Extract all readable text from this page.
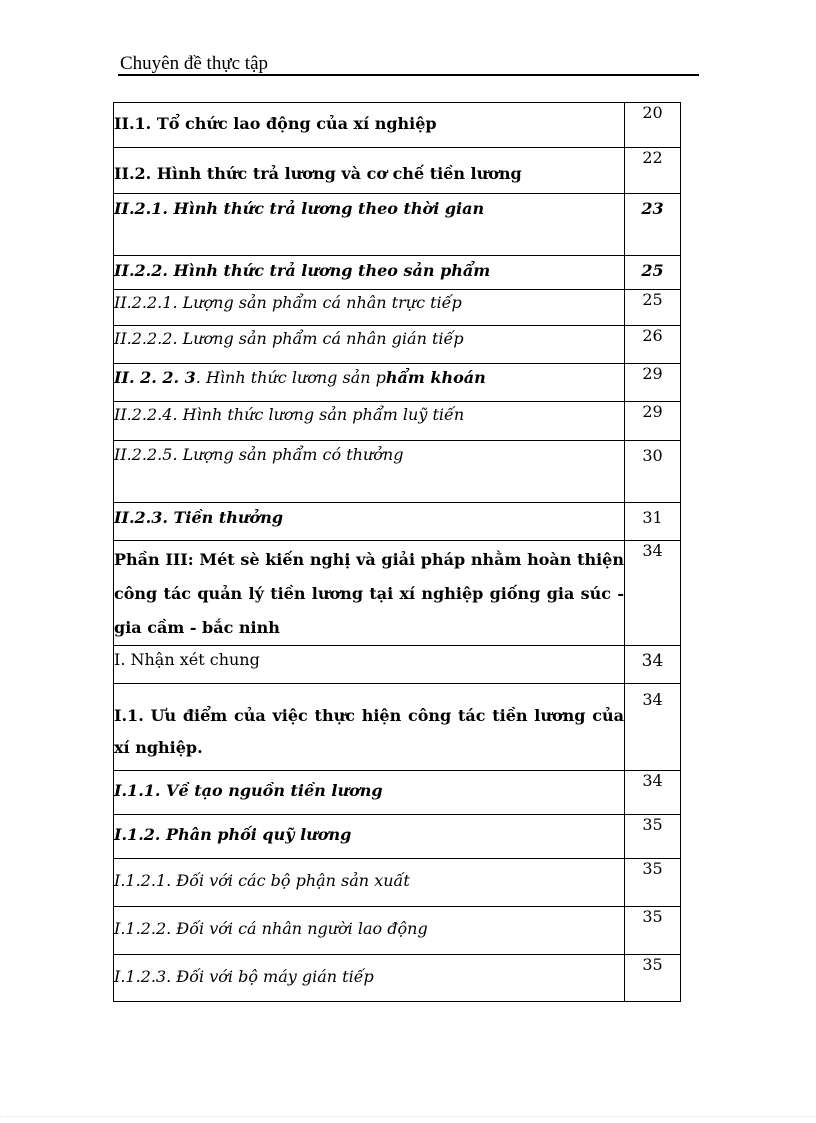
Chuyên đề thực tập
II.1. Tổ chức lao động của xí nghiệp	20
II.2. Hình thức trả lương và cơ chế tiền lương	22
II.2.1. Hình thức trả lương theo thời gian	23
II.2.2. Hình thức trả lương theo sản phẩm	25
II.2.2.1. Lượng sản phẩm cá nhân trực tiếp	25
II.2.2.2. Lương sản phẩm cá nhân gián tiếp	26
II. 2. 2. 3. Hình thức lương sản phẩm khoán	29
II.2.2.4. Hình thức lương sản phẩm luỹ tiến	29
II.2.2.5. Lượng sản phẩm có thưởng	30
II.2.3. Tiền thưởng	31
Phần III: Mét sè kiến nghị và giải pháp nhằm hoàn thiện công tác quản lý tiền lương tại xí nghiệp giống gia súc - gia cầm - bắc ninh	34
I. Nhận xét chung	34
I.1. Ưu điểm của việc thực hiện công tác tiền lương của xí nghiệp.	34
I.1.1. Về tạo nguồn tiền lương	34
I.1.2. Phân phối quỹ lương	35
I.1.2.1. Đối với các bộ phận sản xuất	35
I.1.2.2. Đối với cá nhân người lao động	35
I.1.2.3. Đối với bộ máy gián tiếp	35
